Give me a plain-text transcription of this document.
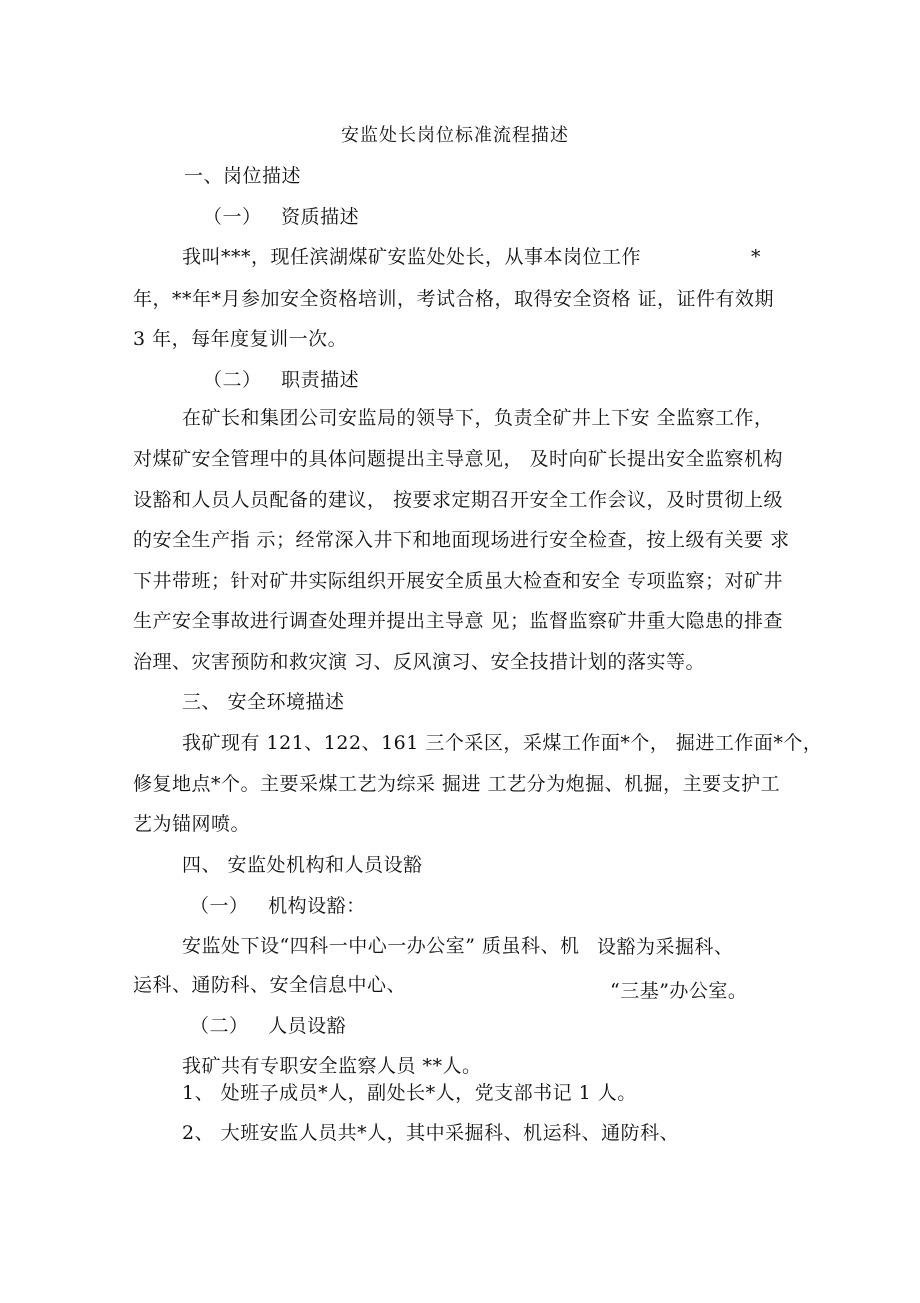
安监处长岗位标准流程描述
一、岗位描述
（一）   资质描述
我叫***，现任滨湖煤矿安监处处长，从事本岗位工作	*
年，**年*月参加安全资格培训，考试合格，取得安全资格 证，证件有效期
3 年，每年度复训一次。
（二）   职责描述
在矿长和集团公司安监局的领导下，负责全矿井上下安 全监察工作，
对煤矿安全管理中的具体问题提出主导意见， 及时向矿长提出安全监察机构
设豁和人员人员配备的建议， 按要求定期召开安全工作会议，及时贯彻上级
的安全生产指 示；经常深入井下和地面现场进行安全检查，按上级有关要 求
下井带班；针对矿井实际组织开展安全质虽大检查和安全 专项监察；对矿井
生产安全事故进行调查处理并提出主导意 见；监督监察矿井重大隐患的排查
治理、灾害预防和救灾演 习、反风演习、安全技措计划的落实等。
三、 安全环境描述
我矿现有 121、122、161 三个采区，采煤工作面*个， 掘进工作面*个，
修复地点*个。主要采煤工艺为综采 掘进 工艺分为炮掘、机掘，主要支护工
艺为锚网喷。
四、 安监处机构和人员设豁
（一）   机构设豁：
安监处下设“四科一中心一办公室” 质虽科、机 设豁为采掘科、
运科、通防科、安全信息中心、	“三基”办公室。
（二）   人员设豁
我矿共有专职安全监察人员 **人。
1、 处班子成员*人，副处长*人，党支部书记 1 人。
2、 大班安监人员共*人，其中采掘科、机运科、通防科、
